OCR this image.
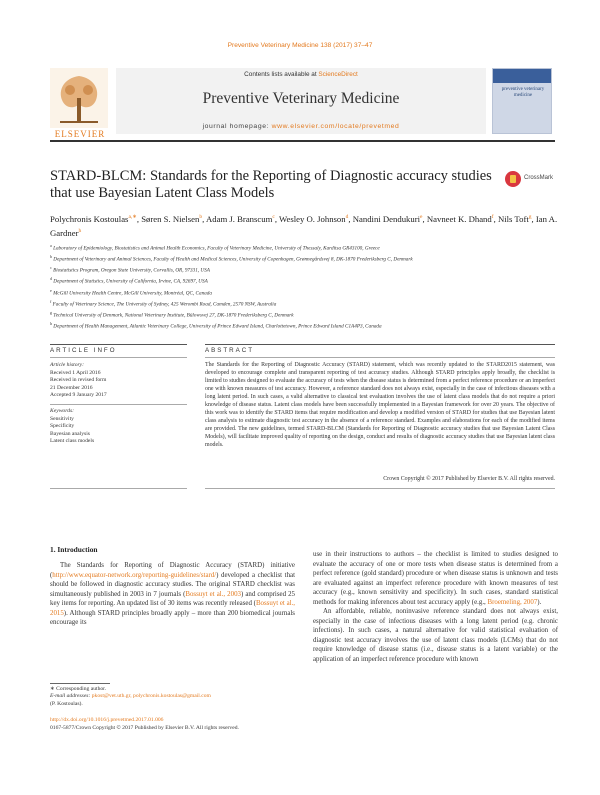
Preventive Veterinary Medicine 138 (2017) 37–47
ELSEVIER
Contents lists available at ScienceDirect
Preventive Veterinary Medicine
journal homepage: www.elsevier.com/locate/prevetmed
preventive veterinary medicine
STARD-BLCM: Standards for the Reporting of Diagnostic accuracy studies that use Bayesian Latent Class Models
CrossMark
Polychronis Kostoulas$^{a,∗}$, Søren S. Nielsen$^b$, Adam J. Branscum$^c$, Wesley O. Johnson$^d$, Nandini Dendukuri$^e$, Navneet K. Dhand$^f$, Nils Toft$^g$, Ian A. Gardner$^h$
$^a$ Laboratory of Epidemiology, Biostatistics and Animal Health Economics, Faculty of Veterinary Medicine, University of Thessaly, Karditsa GR43100, Greece
$^b$ Department of Veterinary and Animal Sciences, Faculty of Health and Medical Sciences, University of Copenhagen, Grønnegårdsvej 8, DK-1870 Frederiksberg C, Denmark
$^c$ Biostatistics Program, Oregon State University, Corvallis, OR, 97331, USA
$^d$ Department of Statistics, University of California, Irvine, CA, 92697, USA
$^e$ McGill University Health Centre, McGill University, Montréal, QC, Canada
$^f$ Faculty of Veterinary Science, The University of Sydney, 425 Werombi Road, Camden, 2570 NSW, Australia
$^g$ Technical University of Denmark, National Veterinary Institute, Bülowsvej 27, DK-1870 Frederiksberg C, Denmark
$^h$ Department of Health Management, Atlantic Veterinary College, University of Prince Edward Island, Charlottetown, Prince Edward Island C1A4P3, Canada
ARTICLE INFO	ABSTRACT
Article history:
Received 1 April 2016
Received in revised form
21 December 2016
Accepted 9 January 2017
Keywords:
Sensitivity
Specificity
Bayesian analysis
Latent class models
The Standards for the Reporting of Diagnostic Accuracy (STARD) statement, which was recently updated to the STARD2015 statement, was developed to encourage complete and transparent reporting of test accuracy studies. Although STARD principles apply broadly, the checklist is limited to studies designed to evaluate the accuracy of tests when the disease status is determined from a perfect reference procedure or an imperfect one with known measures of test accuracy. However, a reference standard does not always exist, especially in the case of infectious diseases with a long latent period. In such cases, a valid alternative to classical test evaluation involves the use of latent class models that do not require a priori knowledge of disease status. Latent class models have been successfully implemented in a Bayesian framework for over 20 years. The objective of this work was to identify the STARD items that require modification and develop a modified version of STARD for studies that use Bayesian latent class analysis to estimate diagnostic test accuracy in the absence of a reference standard. Examples and elaborations for each of the modified items are provided. The new guidelines, termed STARD-BLCM (Standards for Reporting of Diagnostic accuracy studies that use Bayesian Latent Class Models), will facilitate improved quality of reporting on the design, conduct and results of diagnostic accuracy studies that use Bayesian latent class models.
Crown Copyright © 2017 Published by Elsevier B.V. All rights reserved.
1. Introduction
The Standards for Reporting of Diagnostic Accuracy (STARD) initiative (http://www.equator-network.org/reporting-guidelines/stard/) developed a checklist that should be followed in diagnostic accuracy studies. The original STARD checklist was simultaneously published in 2003 in 7 journals (Bossuyt et al., 2003) and comprised 25 key items for reporting. An updated list of 30 items was recently released (Bossuyt et al., 2015). Although STARD principles broadly apply – more than 200 biomedical journals encourage its
use in their instructions to authors – the checklist is limited to studies designed to evaluate the accuracy of one or more tests when disease status is determined from a perfect reference (gold standard) procedure or when disease status is unknown and tests are evaluated against an imperfect reference procedure with known measures of test accuracy (e.g., known sensitivity and specificity). In such cases, standard statistical methods for making inferences about test accuracy apply (e.g., Broemeling, 2007).

An affordable, reliable, noninvasive reference standard does not always exist, especially in the case of infectious diseases with a long latent period (e.g. chronic infections). In such cases, a natural alternative for valid statistical evaluation of diagnostic test accuracy involves the use of latent class models (LCMs) that do not require knowledge of disease status (i.e., disease status is a latent variable) or the application of an imperfect reference procedure with known

∗ Corresponding author.
E-mail addresses: pkost@vet.uth.gr, polychronis.kostoulas@gmail.com
(P. Kostoulas).
http://dx.doi.org/10.1016/j.prevetmed.2017.01.006
0167-5877/Crown Copyright © 2017 Published by Elsevier B.V. All rights reserved.
